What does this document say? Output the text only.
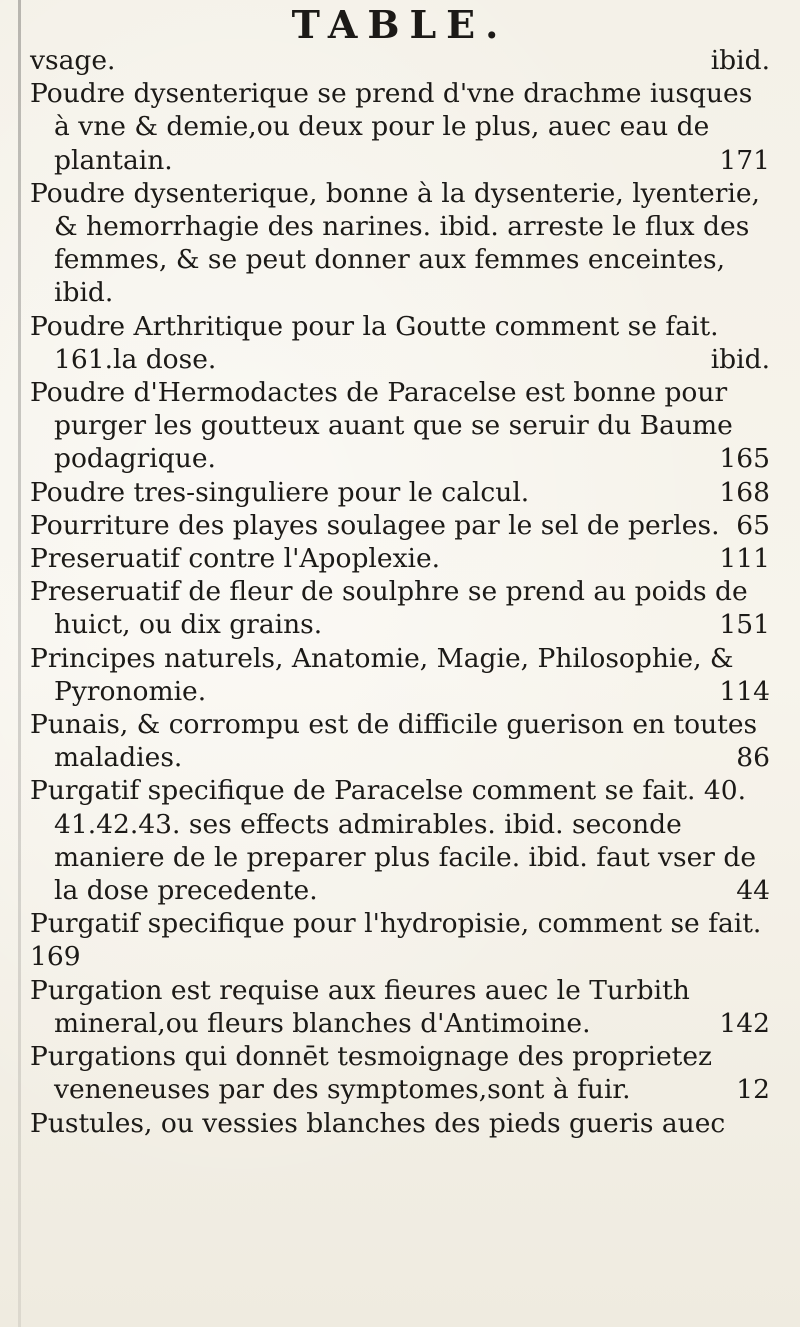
TABLE.

vsage.	ibid.

Poudre dysenterique se prend d'vne drachme iusques à vne & demie,ou deux pour le plus, auec eau de plantain.	171

Poudre dysenterique, bonne à la dysenterie, lyenterie, & hemorrhagie des narines. ibid. arreste le flux des femmes, & se peut donner aux femmes enceintes, ibid.

Poudre Arthritique pour la Goutte comment se fait. 161.la dose.	ibid.

Poudre d'Hermodactes de Paracelse est bonne pour purger les goutteux auant que se seruir du Baume podagrique.	165

Poudre tres-singuliere pour le calcul.	168

Pourriture des playes soulagee par le sel de perles. 65

Preseruatif contre l'Apoplexie.	111

Preseruatif de fleur de soulphre se prend au poids de huict, ou dix grains.	151

Principes naturels, Anatomie, Magie, Philosophie, & Pyronomie.	114

Punais, & corrompu est de difficile guerison en toutes maladies.	86

Purgatif specifique de Paracelse comment se fait. 40. 41.42.43. ses effects admirables. ibid. seconde maniere de le preparer plus facile. ibid. faut vser de la dose precedente.	44

Purgatif specifique pour l'hydropisie, comment se fait.
169

Purgation est requise aux fieures auec le Turbith mineral,ou fleurs blanches d'Antimoine.	142

Purgations qui donnēt tesmoignage des proprietez veneneuses par des symptomes,sont à fuir.	12

Pustules, ou vessies blanches des pieds gueris auec
